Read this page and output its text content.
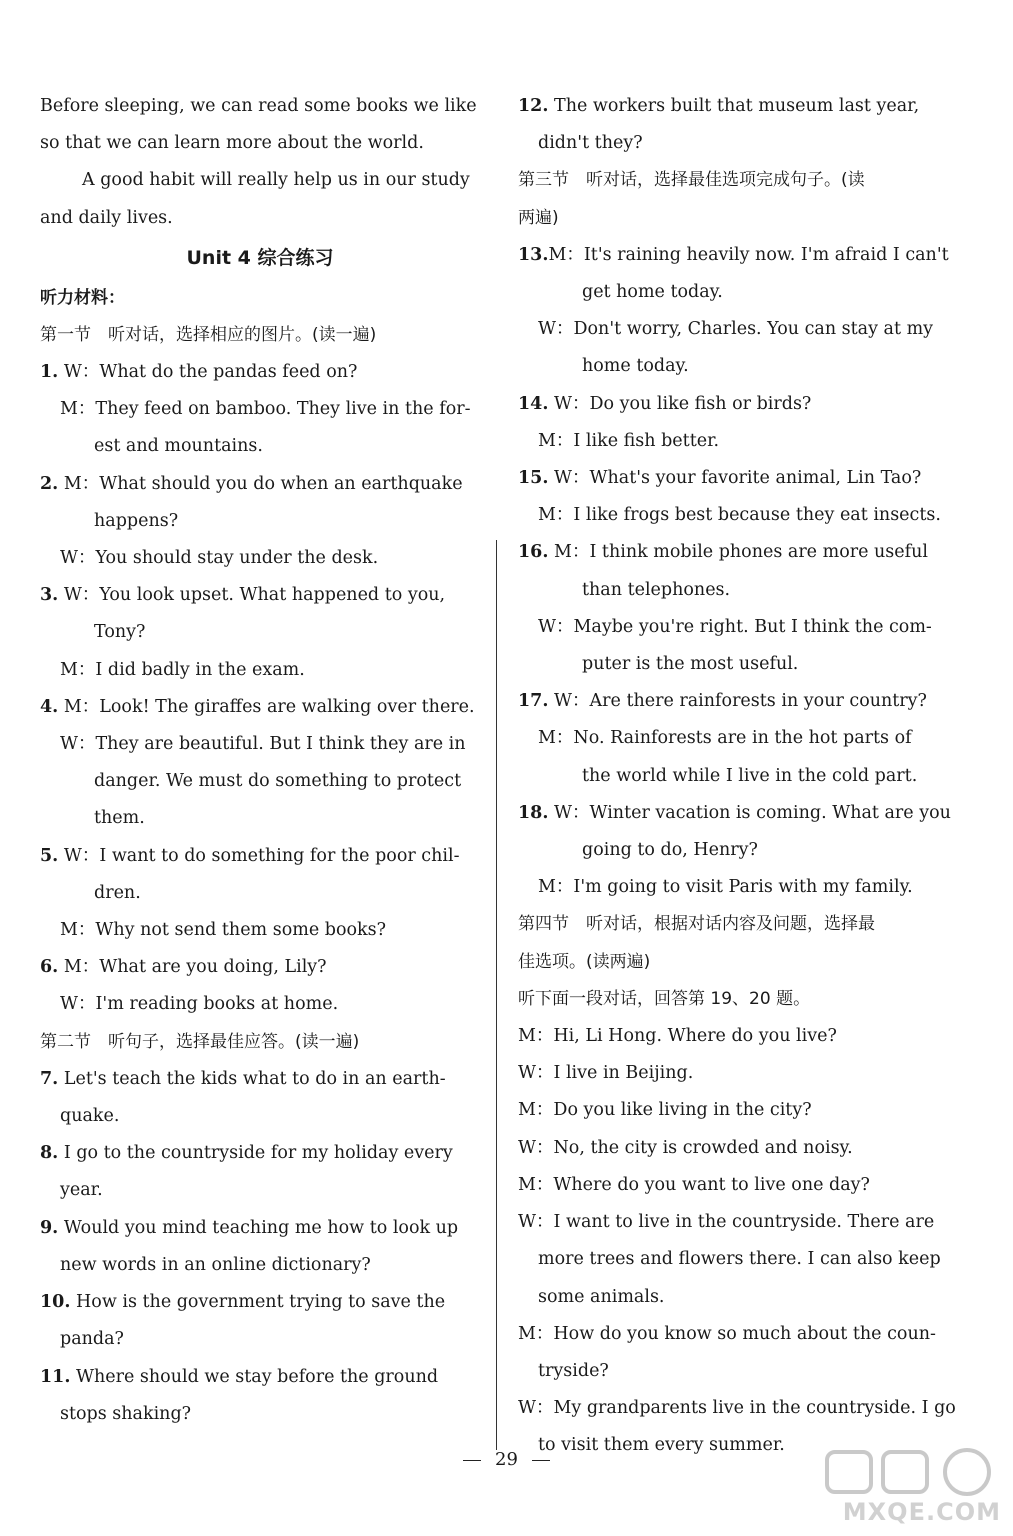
Before sleeping, we can read some books we like
so that we can learn more about the world.
A good habit will really help us in our study
and daily lives.
Unit 4 综合练习
听力材料：
第一节　听对话，选择相应的图片。(读一遍)
1. W：What do the pandas feed on?
M：They feed on bamboo. They live in the for-
est and mountains.
2. M：What should you do when an earthquake
happens?
W：You should stay under the desk.
3. W：You look upset. What happened to you,
Tony?
M：I did badly in the exam.
4. M：Look! The giraffes are walking over there.
W：They are beautiful. But I think they are in
danger. We must do something to protect
them.
5. W：I want to do something for the poor chil-
dren.
M：Why not send them some books?
6. M：What are you doing, Lily?
W：I'm reading books at home.
第二节　听句子，选择最佳应答。(读一遍)
7. Let's teach the kids what to do in an earth-
quake.
8. I go to the countryside for my holiday every
year.
9. Would you mind teaching me how to look up
new words in an online dictionary?
10. How is the government trying to save the
panda?
11. Where should we stay before the ground
stops shaking?
12. The workers built that museum last year,
didn't they?
第三节　听对话，选择最佳选项完成句子。(读
两遍)
13.M：It's raining heavily now. I'm afraid I can't
get home today.
W：Don't worry, Charles. You can stay at my
home today.
14. W：Do you like fish or birds?
M：I like fish better.
15. W：What's your favorite animal, Lin Tao?
M：I like frogs best because they eat insects.
16. M：I think mobile phones are more useful
than telephones.
W：Maybe you're right. But I think the com-
puter is the most useful.
17. W：Are there rainforests in your country?
M：No. Rainforests are in the hot parts of
the world while I live in the cold part.
18. W：Winter vacation is coming. What are you
going to do, Henry?
M：I'm going to visit Paris with my family.
第四节　听对话，根据对话内容及问题，选择最
佳选项。(读两遍)
听下面一段对话，回答第 19、20 题。
M：Hi, Li Hong. Where do you live?
W：I live in Beijing.
M：Do you like living in the city?
W：No, the city is crowded and noisy.
M：Where do you want to live one day?
W：I want to live in the countryside. There are
more trees and flowers there. I can also keep
some animals.
M：How do you know so much about the coun-
tryside?
W：My grandparents live in the countryside. I go
to visit them every summer.
29
MXQE.COM
